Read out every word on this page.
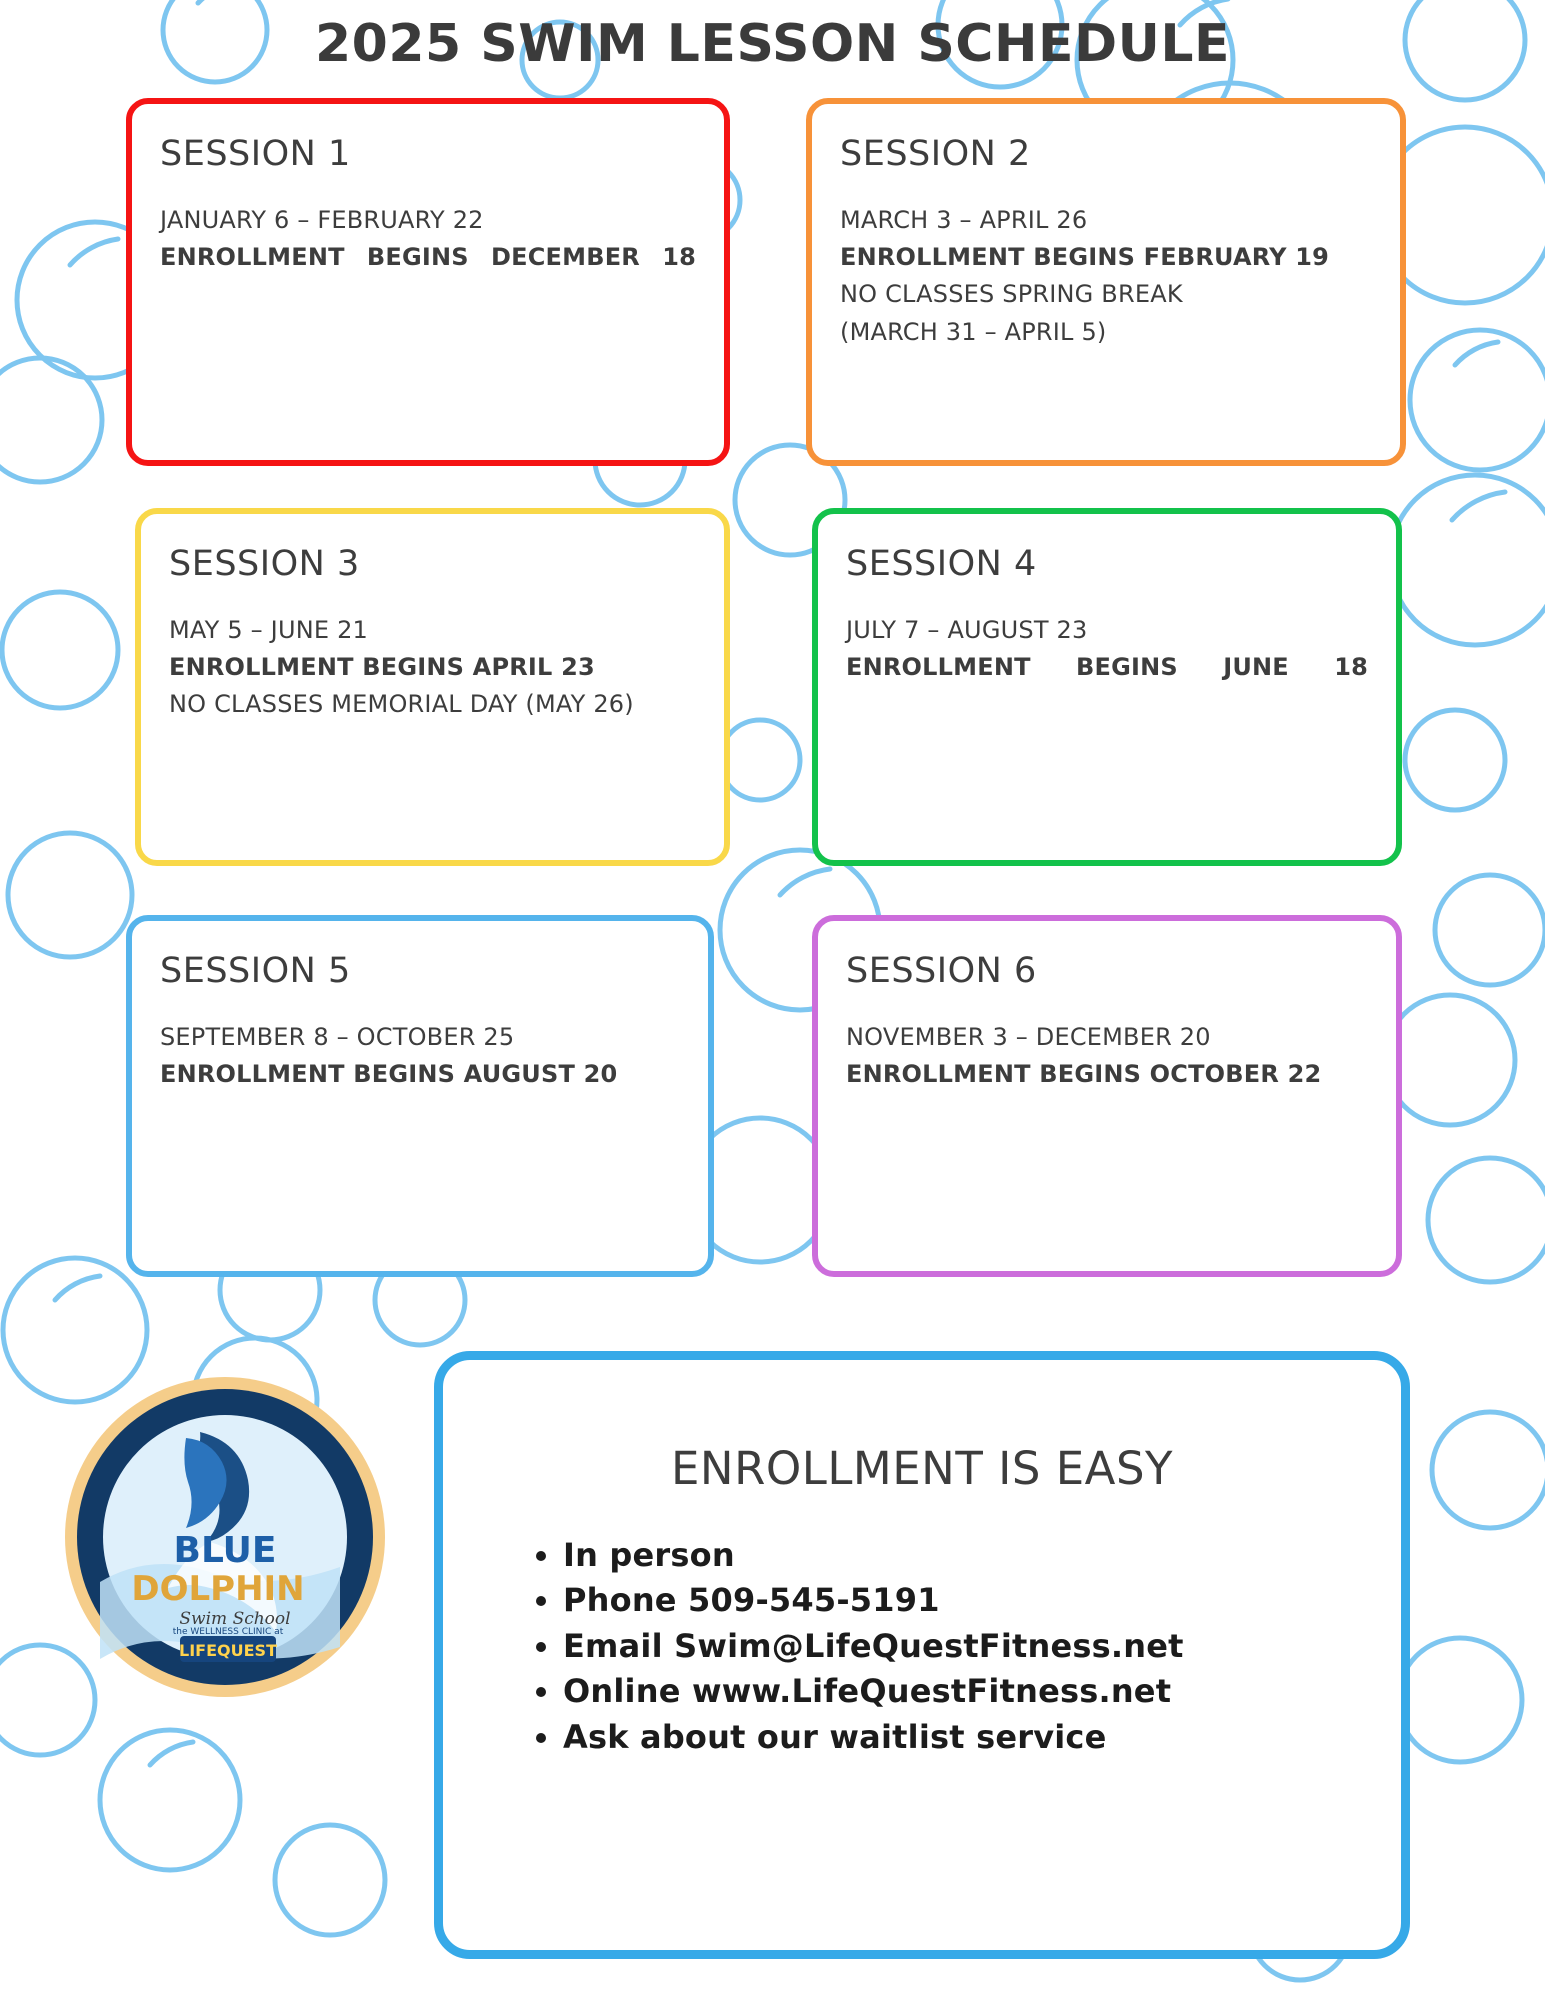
2025 SWIM LESSON SCHEDULE
SESSION 1
JANUARY 6 – FEBRUARY 22
ENROLLMENT BEGINS DECEMBER 18
SESSION 2
MARCH 3 – APRIL 26
ENROLLMENT BEGINS FEBRUARY 19
NO CLASSES SPRING BREAK
(MARCH 31 – APRIL 5)
SESSION 3
MAY 5 – JUNE 21
ENROLLMENT BEGINS APRIL 23
NO CLASSES MEMORIAL DAY (MAY 26)
SESSION 4
JULY 7 – AUGUST 23
ENROLLMENT BEGINS JUNE 18
SESSION 5
SEPTEMBER 8 – OCTOBER 25
ENROLLMENT BEGINS AUGUST 20
SESSION 6
NOVEMBER 3 – DECEMBER 20
ENROLLMENT BEGINS OCTOBER 22
ENROLLMENT IS EASY
• In person
• Phone 509-545-5191
• Email Swim@LifeQuestFitness.net
• Online www.LifeQuestFitness.net
• Ask about our waitlist service
BLUE
DOLPHIN
Swim School
LIFEQUEST
the WELLNESS CLINIC at
